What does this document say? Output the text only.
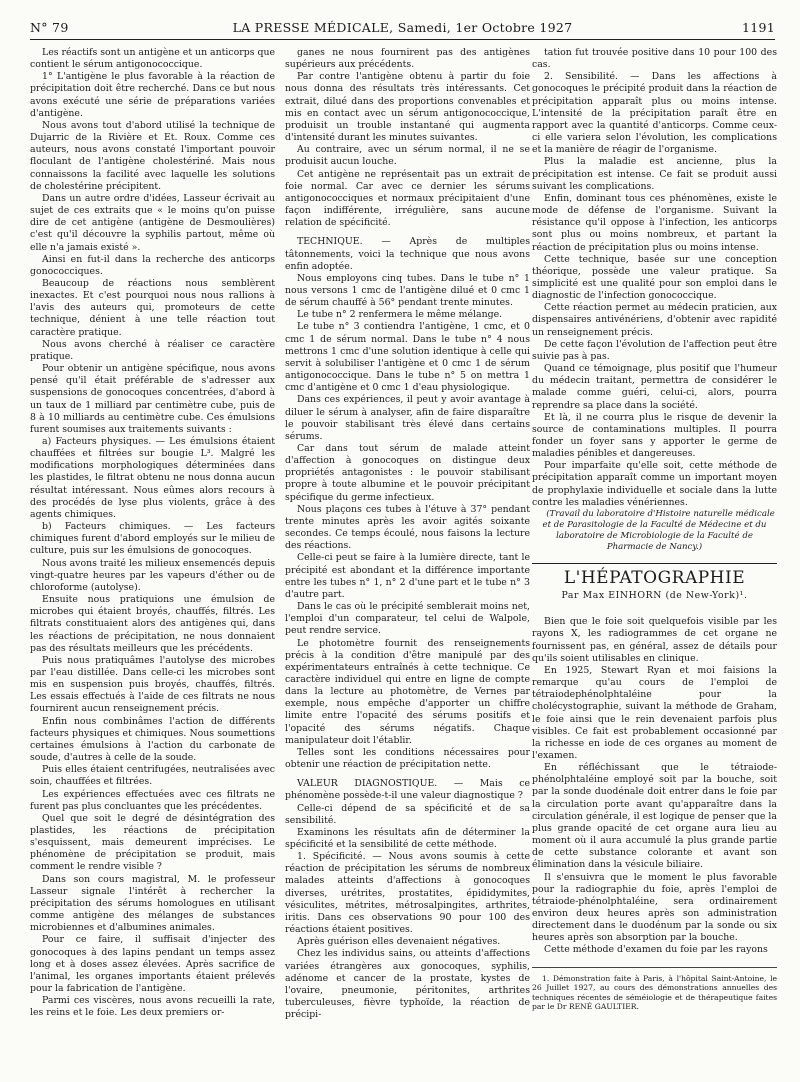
N° 79	LA PRESSE MÉDICALE, Samedi, 1er Octobre 1927	1191

Les réactifs sont un antigène et un anticorps que contient le sérum antigonococcique.

1° L'antigène le plus favorable à la réaction de précipitation doit être recherché. Dans ce but nous avons exécuté une série de préparations variées d'antigène.

Nous avons tout d'abord utilisé la technique de Dujarric de la Rivière et Et. Roux. Comme ces auteurs, nous avons constaté l'important pouvoir floculant de l'antigène cholestériné. Mais nous connaissons la facilité avec laquelle les solutions de cholestérine précipitent.

Dans un autre ordre d'idées, Lasseur écrivait au sujet de ces extraits que « le moins qu'on puisse dire de cet antigène (antigène de Desmoulières) c'est qu'il découvre la syphilis partout, même où elle n'a jamais existé ».

Ainsi en fut-il dans la recherche des anticorps gonococciques.

Beaucoup de réactions nous semblèrent inexactes. Et c'est pourquoi nous nous rallions à l'avis des auteurs qui, promoteurs de cette technique, dénient à une telle réaction tout caractère pratique.

Nous avons cherché à réaliser ce caractère pratique.

Pour obtenir un antigène spécifique, nous avons pensé qu'il était préférable de s'adresser aux suspensions de gonocoques concentrées, d'abord à un taux de 1 milliard par centimètre cube, puis de 8 à 10 milliards au centimètre cube. Ces émulsions furent soumises aux traitements suivants :

a) Facteurs physiques. — Les émulsions étaient chauffées et filtrées sur bougie L³. Malgré les modifications morphologiques déterminées dans les plastides, le filtrat obtenu ne nous donna aucun résultat intéressant. Nous eûmes alors recours à des procédés de lyse plus violents, grâce à des agents chimiques.

b) Facteurs chimiques. — Les facteurs chimiques furent d'abord employés sur le milieu de culture, puis sur les émulsions de gonocoques.

Nous avons traité les milieux ensemencés depuis vingt-quatre heures par les vapeurs d'éther ou de chloroforme (autolyse).

Ensuite nous pratiquions une émulsion de microbes qui étaient broyés, chauffés, filtrés. Les filtrats constituaient alors des antigènes qui, dans les réactions de précipitation, ne nous donnaient pas des résultats meilleurs que les précédents.

Puis nous pratiquâmes l'autolyse des microbes par l'eau distillée. Dans celle-ci les microbes sont mis en suspension puis broyés, chauffés, filtrés. Les essais effectués à l'aide de ces filtrats ne nous fournirent aucun renseignement précis.

Enfin nous combinâmes l'action de différents facteurs physiques et chimiques. Nous soumettions certaines émulsions à l'action du carbonate de soude, d'autres à celle de la soude.

Puis elles étaient centrifugées, neutralisées avec soin, chauffées et filtrées.

Les expériences effectuées avec ces filtrats ne furent pas plus concluantes que les précédentes.

Quel que soit le degré de désintégration des plastides, les réactions de précipitation s'esquissent, mais demeurent imprécises. Le phénomène de précipitation se produit, mais comment le rendre visible ?

Dans son cours magistral, M. le professeur Lasseur signale l'intérêt à rechercher la précipitation des sérums homologues en utilisant comme antigène des mélanges de substances microbiennes et d'albumines animales.

Pour ce faire, il suffisait d'injecter des gonocoques à des lapins pendant un temps assez long et à doses assez élevées. Après sacrifice de l'animal, les organes importants étaient prélevés pour la fabrication de l'antigène.

Parmi ces viscères, nous avons recueilli la rate, les reins et le foie. Les deux premiers or-

ganes ne nous fournirent pas des antigènes supérieurs aux précédents.

Par contre l'antigène obtenu à partir du foie nous donna des résultats très intéressants. Cet extrait, dilué dans des proportions convenables et mis en contact avec un sérum antigonococcique, produisit un trouble instantané qui augmenta d'intensité durant les minutes suivantes.

Au contraire, avec un sérum normal, il ne se produisit aucun louche.

Cet antigène ne représentait pas un extrait de foie normal. Car avec ce dernier les sérums antigonococciques et normaux précipitaient d'une façon indifférente, irrégulière, sans aucune relation de spécificité.

TECHNIQUE. — Après de multiples tâtonnements, voici la technique que nous avons enfin adoptée.

Nous employons cinq tubes. Dans le tube n° 1 nous versons 1 cmc de l'antigène dilué et 0 cmc 1 de sérum chauffé à 56° pendant trente minutes.

Le tube n° 2 renfermera le même mélange.

Le tube n° 3 contiendra l'antigène, 1 cmc, et 0 cmc 1 de sérum normal. Dans le tube n° 4 nous mettrons 1 cmc d'une solution identique à celle qui servit à solubiliser l'antigène et 0 cmc 1 de sérum antigonococcique. Dans le tube n° 5 on mettra 1 cmc d'antigène et 0 cmc 1 d'eau physiologique.

Dans ces expériences, il peut y avoir avantage à diluer le sérum à analyser, afin de faire disparaître le pouvoir stabilisant très élevé dans certains sérums.

Car dans tout sérum de malade atteint d'affection à gonocoques on distingue deux propriétés antagonistes : le pouvoir stabilisant propre à toute albumine et le pouvoir précipitant spécifique du germe infectieux.

Nous plaçons ces tubes à l'étuve à 37° pendant trente minutes après les avoir agités soixante secondes. Ce temps écoulé, nous faisons la lecture des réactions.

Celle-ci peut se faire à la lumière directe, tant le précipité est abondant et la différence importante entre les tubes n° 1, n° 2 d'une part et le tube n° 3 d'autre part.

Dans le cas où le précipité semblerait moins net, l'emploi d'un comparateur, tel celui de Walpole, peut rendre service.

Le photomètre fournit des renseignements précis à la condition d'être manipulé par des expérimentateurs entraînés à cette technique. Ce caractère individuel qui entre en ligne de compte dans la lecture au photomètre, de Vernes par exemple, nous empêche d'apporter un chiffre limite entre l'opacité des sérums positifs et l'opacité des sérums négatifs. Chaque manipulateur doit l'établir.

Telles sont les conditions nécessaires pour obtenir une réaction de précipitation nette.

VALEUR DIAGNOSTIQUE. — Mais ce phénomène possède-t-il une valeur diagnostique ?

Celle-ci dépend de sa spécificité et de sa sensibilité.

Examinons les résultats afin de déterminer la spécificité et la sensibilité de cette méthode.

1. Spécificité. — Nous avons soumis à cette réaction de précipitation les sérums de nombreux malades atteints d'affections à gonocoques diverses, urétrites, prostatites, épididymites, vésiculites, métrites, métrosalpingites, arthrites, iritis. Dans ces observations 90 pour 100 des réactions étaient positives.

Après guérison elles devenaient négatives.

Chez les individus sains, ou atteints d'affections variées étrangères aux gonocoques, syphilis, adénome et cancer de la prostate, kystes de l'ovaire, pneumonie, péritonites, arthrites tuberculeuses, fièvre typhoïde, la réaction de précipi-

tation fut trouvée positive dans 10 pour 100 des cas.

2. Sensibilité. — Dans les affections à gonocoques le précipité produit dans la réaction de précipitation apparaît plus ou moins intense. L'intensité de la précipitation paraît être en rapport avec la quantité d'anticorps. Comme ceux-ci elle variera selon l'évolution, les complications et la manière de réagir de l'organisme.

Plus la maladie est ancienne, plus la précipitation est intense. Ce fait se produit aussi suivant les complications.

Enfin, dominant tous ces phénomènes, existe le mode de défense de l'organisme. Suivant la résistance qu'il oppose à l'infection, les anticorps sont plus ou moins nombreux, et partant la réaction de précipitation plus ou moins intense.

Cette technique, basée sur une conception théorique, possède une valeur pratique. Sa simplicité est une qualité pour son emploi dans le diagnostic de l'infection gonococcique.

Cette réaction permet au médecin praticien, aux dispensaires antivénériens, d'obtenir avec rapidité un renseignement précis.

De cette façon l'évolution de l'affection peut être suivie pas à pas.

Quand ce témoignage, plus positif que l'humeur du médecin traitant, permettra de considérer le malade comme guéri, celui-ci, alors, pourra reprendre sa place dans la société.

Et là, il ne courra plus le risque de devenir la source de contaminations multiples. Il pourra fonder un foyer sans y apporter le germe de maladies pénibles et dangereuses.

Pour imparfaite qu'elle soit, cette méthode de précipitation apparaît comme un important moyen de prophylaxie individuelle et sociale dans la lutte contre les maladies vénériennes.

(Travail du laboratoire d'Histoire naturelle médicale et de Parasitologie de la Faculté de Médecine et du laboratoire de Microbiologie de la Faculté de Pharmacie de Nancy.)

L'HÉPATOGRAPHIE
Par Max EINHORN (de New-York)¹.

Bien que le foie soit quelquefois visible par les rayons X, les radiogrammes de cet organe ne fournissent pas, en général, assez de détails pour qu'ils soient utilisables en clinique.

En 1925, Stewart Ryan et moi faisions la remarque qu'au cours de l'emploi de tétraiodephénolphtaléine pour la cholécystographie, suivant la méthode de Graham, le foie ainsi que le rein devenaient parfois plus visibles. Ce fait est probablement occasionné par la richesse en iode de ces organes au moment de l'examen.

En réfléchissant que le tétraiode-phénolphtaléine employé soit par la bouche, soit par la sonde duodénale doit entrer dans le foie par la circulation porte avant qu'apparaître dans la circulation générale, il est logique de penser que la plus grande opacité de cet organe aura lieu au moment où il aura accumulé la plus grande partie de cette substance colorante et avant son élimination dans la vésicule biliaire.

Il s'ensuivra que le moment le plus favorable pour la radiographie du foie, après l'emploi de tétraiode-phénolphtaléine, sera ordinairement environ deux heures après son administration directement dans le duodénum par la sonde ou six heures après son absorption par la bouche.

Cette méthode d'examen du foie par les rayons

1. Démonstration faite à Paris, à l'hôpital Saint-Antoine, le 26 Juillet 1927, au cours des démonstrations annuelles des techniques récentes de séméiologie et de thérapeutique faites par le Dr RENÉ GAULTIER.
